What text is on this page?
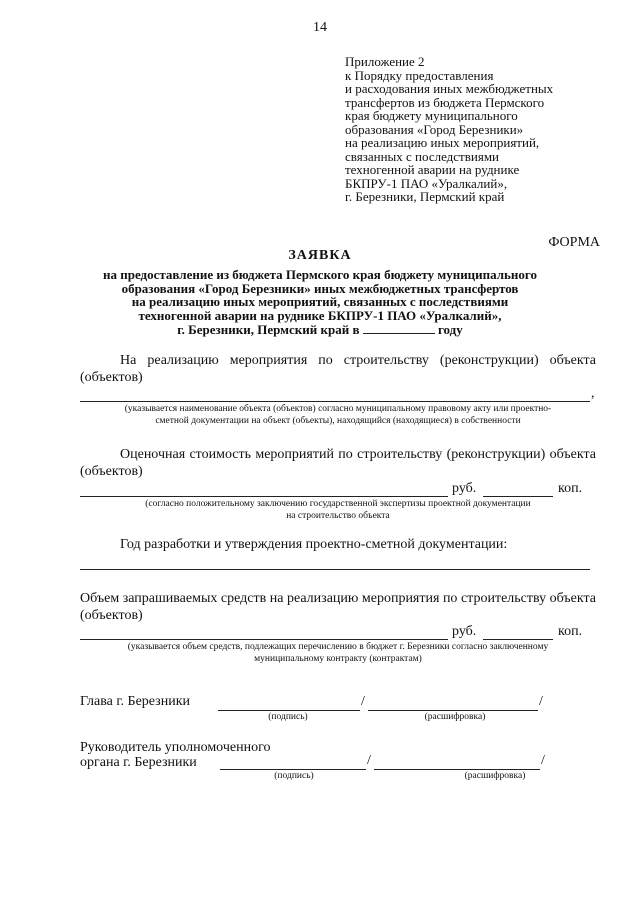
14
Приложение 2
к Порядку предоставления
и расходования иных межбюджетных
трансфертов из бюджета Пермского
края бюджету муниципального
образования «Город Березники»
на реализацию иных мероприятий,
связанных с последствиями
техногенной аварии на руднике
БКПРУ-1 ПАО «Уралкалий»,
г. Березники, Пермский край
ФОРМА
ЗАЯВКА
на предоставление из бюджета Пермского края бюджету муниципального
образования «Город Березники» иных межбюджетных трансфертов
на реализацию иных мероприятий, связанных с последствиями
техногенной аварии на руднике БКПРУ-1 ПАО «Уралкалий»,
г. Березники, Пермский край в	году
На реализацию мероприятия по строительству (реконструкции) объекта (объектов)
,
(указывается наименование объекта (объектов) согласно муниципальному правовому акту или проектно-
сметной документации на объект (объекты), находящийся (находящиеся) в собственности
Оценочная стоимость мероприятий по строительству (реконструкции) объекта (объектов)
руб.	коп.
(согласно положительному заключению государственной экспертизы проектной документации
на строительство объекта
Год разработки и утверждения проектно-сметной документации:
Объем запрашиваемых средств на реализацию мероприятия по строительству объекта (объектов)
руб.	коп.
(указывается объем средств, подлежащих перечислению в бюджет г. Березники согласно заключенному
муниципальному контракту (контрактам)
Глава г. Березники	/	/
(подпись)	(расшифровка)
Руководитель уполномоченного
органа г. Березники	/	/
(подпись)	(расшифровка)
